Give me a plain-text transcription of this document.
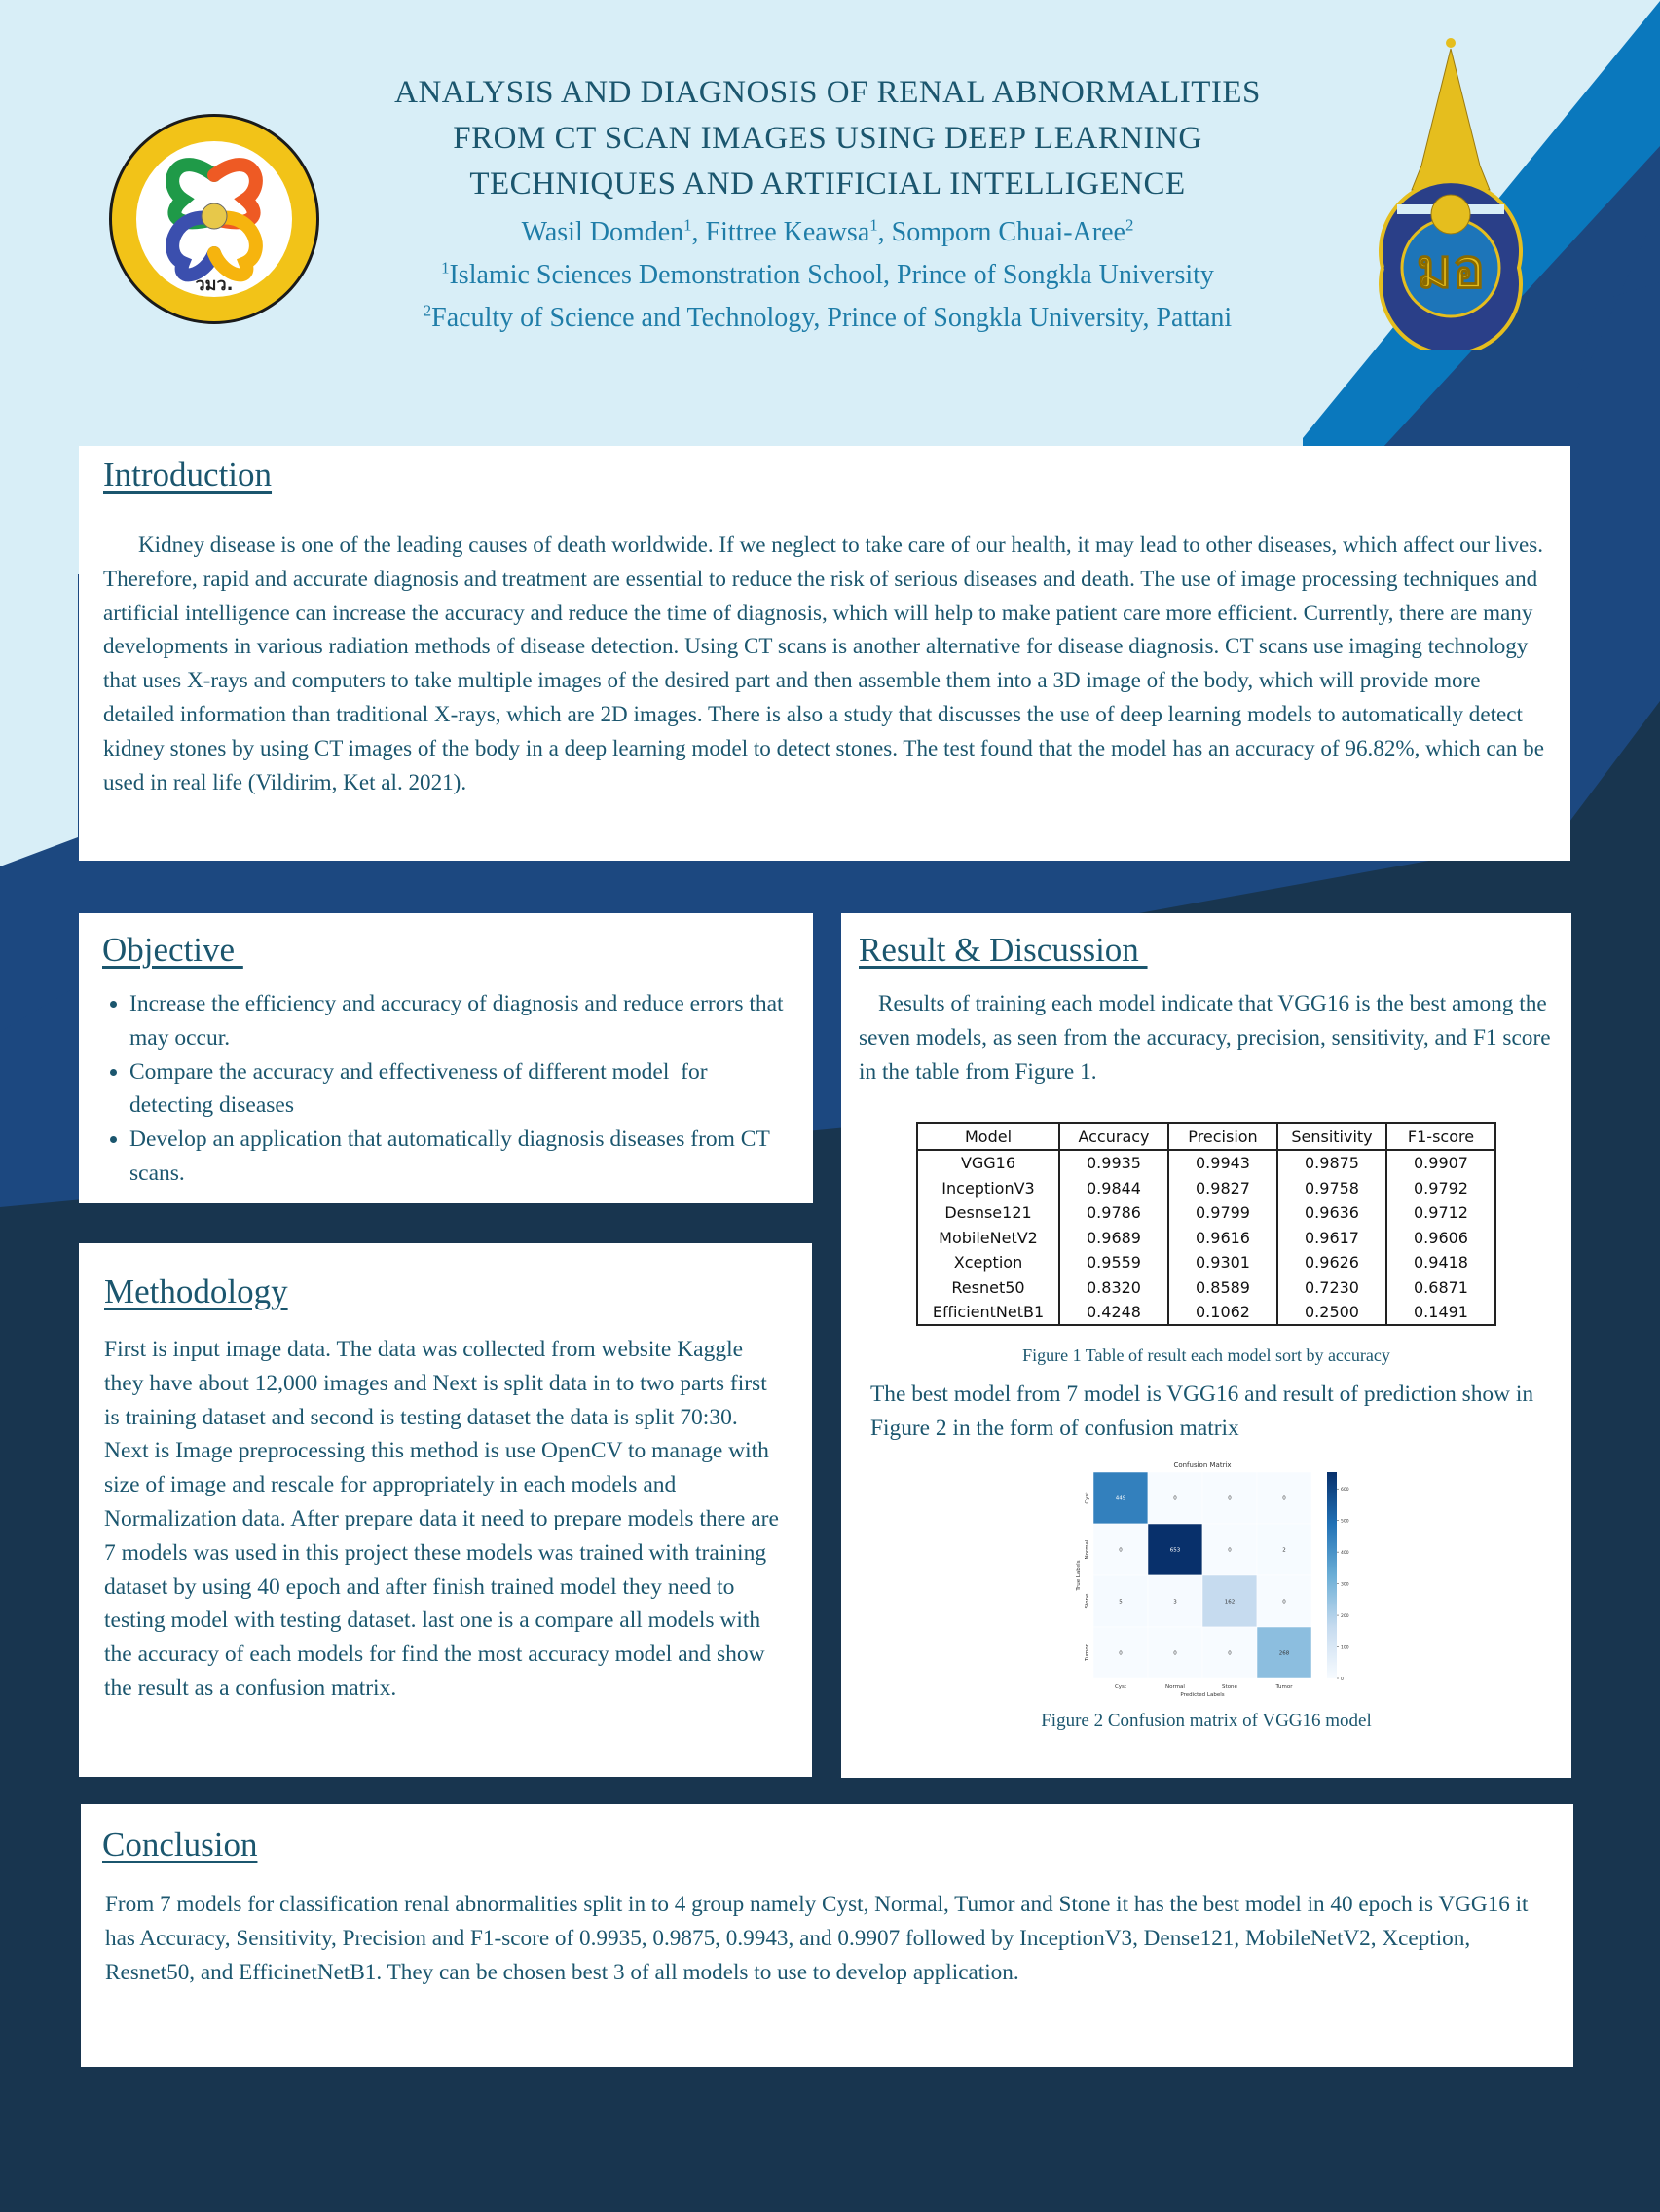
วมว.	มอ
ANALYSIS AND DIAGNOSIS OF RENAL ABNORMALITIES
FROM CT SCAN IMAGES USING DEEP LEARNING
TECHNIQUES AND ARTIFICIAL INTELLIGENCE
Wasil Domden$^1$, Fittree Keawsa$^1$, Somporn Chuai-Aree$^2$
$^1$Islamic Sciences Demonstration School, Prince of Songkla University
$^2$Faculty of Science and Technology, Prince of Songkla University, Pattani
Introduction
Kidney disease is one of the leading causes of death worldwide. If we neglect to take care of our health, it may lead to other diseases, which affect our lives. Therefore, rapid and accurate diagnosis and treatment are essential to reduce the risk of serious diseases and death. The use of image processing techniques and artificial intelligence can increase the accuracy and reduce the time of diagnosis, which will help to make patient care more efficient. Currently, there are many developments in various radiation methods of disease detection. Using CT scans is another alternative for disease diagnosis. CT scans use imaging technology that uses X-rays and computers to take multiple images of the desired part and then assemble them into a 3D image of the body, which will provide more detailed information than traditional X-rays, which are 2D images. There is also a study that discusses the use of deep learning models to automatically detect kidney stones by using CT images of the body in a deep learning model to detect stones. The test found that the model has an accuracy of 96.82%, which can be used in real life (Vildirim, Ket al. 2021).
Objective
• Increase the efficiency and accuracy of diagnosis and reduce errors that may occur.
• Compare the accuracy and effectiveness of different model  for detecting diseases
• Develop an application that automatically diagnosis diseases from CT scans.
Methodology
First is input image data. The data was collected from website Kaggle they have about 12,000 images and Next is split data in to two parts first is training dataset and second is testing dataset the data is split 70:30. Next is Image preprocessing this method is use OpenCV to manage with size of image and rescale for appropriately in each models and Normalization data. After prepare data it need to prepare models there are 7 models was used in this project these models was trained with training dataset by using 40 epoch and after finish trained model they need to testing model with testing dataset. last one is a compare all models with the accuracy of each models for find the most accuracy model and show the result as a confusion matrix.
Result & Discussion
Results of training each model indicate that VGG16 is the best among the seven models, as seen from the accuracy, precision, sensitivity, and F1 score in the table from Figure 1.
Model	Accuracy	Precision	Sensitivity	F1-score
VGG16	0.9935	0.9943	0.9875	0.9907
InceptionV3	0.9844	0.9827	0.9758	0.9792
Desnse121	0.9786	0.9799	0.9636	0.9712
MobileNetV2	0.9689	0.9616	0.9617	0.9606
Xception	0.9559	0.9301	0.9626	0.9418
Resnet50	0.8320	0.8589	0.7230	0.6871
EfficientNetB1	0.4248	0.1062	0.2500	0.1491
Figure 1 Table of result each model sort by accuracy
The best model from 7 model is VGG16 and result of prediction show in Figure 2 in the form of confusion matrix
Confusion Matrix
449	0	0	0
0	653	0	2
5	3	162	0
0	0	0	268
Cyst	Normal	Stone	Tumor
Cyst
Normal
Stone
Tumor
Predicted Labels
True Labels
0
100
200
300
400
500
600
Figure 2 Confusion matrix of VGG16 model
Conclusion
From 7 models for classification renal abnormalities split in to 4 group namely Cyst, Normal, Tumor and Stone it has the best model in 40 epoch is VGG16 it has Accuracy, Sensitivity, Precision and F1-score of 0.9935, 0.9875, 0.9943, and 0.9907 followed by InceptionV3, Dense121, MobileNetV2, Xception, Resnet50, and EfficinetNetB1. They can be chosen best 3 of all models to use to develop application.
